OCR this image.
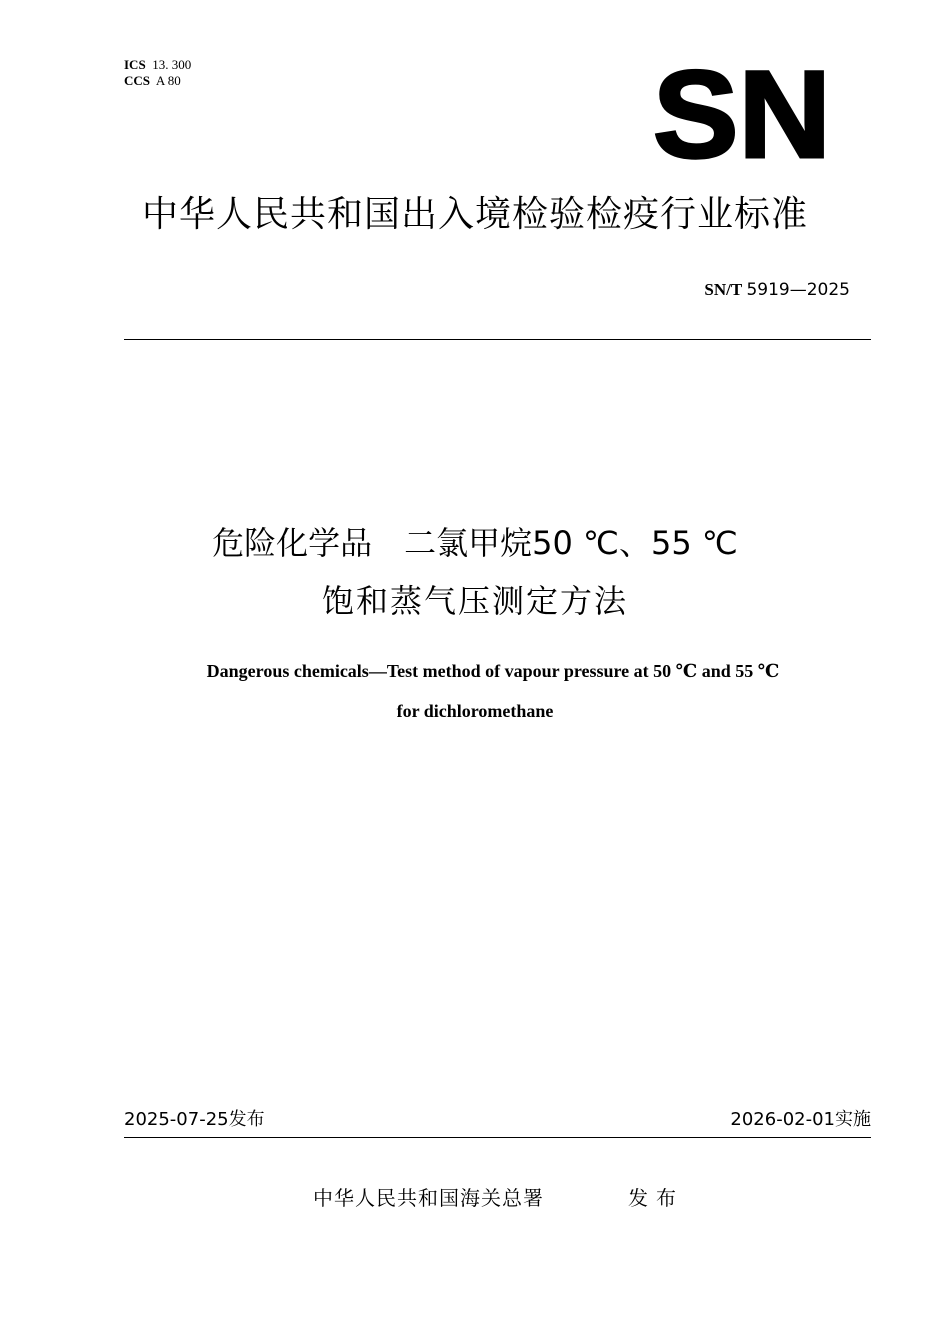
ICS 13. 300
CCS A 80	SN
中华人民共和国出入境检验检疫行业标准
SN/T 5919—2025
危险化学品　二氯甲烷50 ℃、55 ℃
饱和蒸气压测定方法
Dangerous chemicals—Test method of vapour pressure at 50 ℃ and 55 ℃
for dichloromethane
2025-07-25发布	2026-02-01实施
中华人民共和国海关总署	发布
